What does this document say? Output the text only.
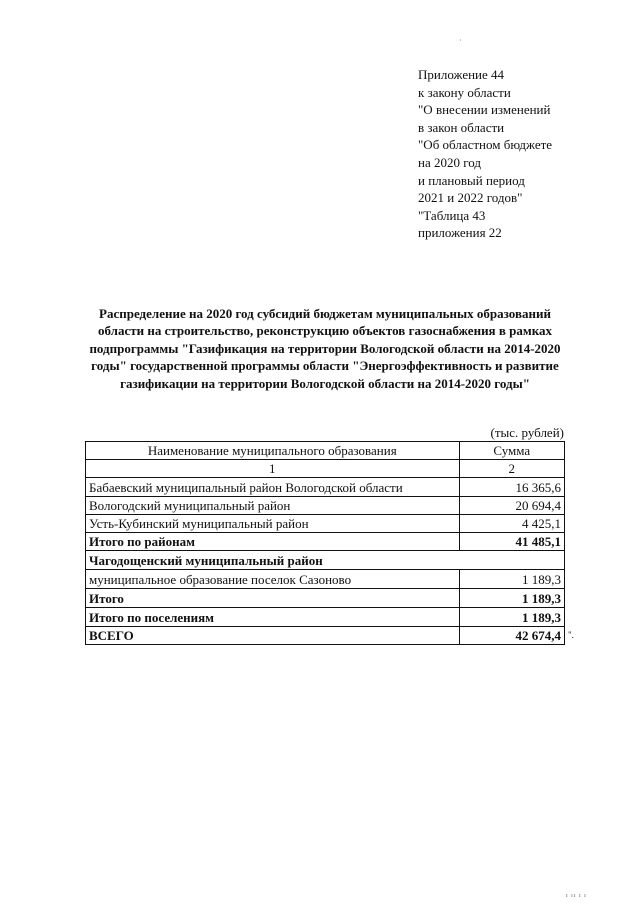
·
Приложение 44
к закону области
"О внесении изменений
в закон области
"Об областном бюджете
на 2020 год
и плановый период
2021 и 2022 годов"
"Таблица 43
приложения 22
Распределение на 2020 год субсидий бюджетам муниципальных образований области на строительство, реконструкцию объектов газоснабжения в рамках подпрограммы "Газификация на территории Вологодской области на 2014-2020 годы" государственной программы области "Энергоэффективность и развитие газификации на территории Вологодской области на 2014-2020 годы"
(тыс. рублей)
Наименование муниципального образования	Сумма
1	2
Бабаевский муниципальный район Вологодской области	16 365,6
Вологодский муниципальный район	20 694,4
Усть-Кубинский муниципальный район	4 425,1
Итого по районам	41 485,1
Чагодощенский муниципальный район	
муниципальное образование поселок Сазоново	1 189,3
Итого	1 189,3
Итого по поселениям	1 189,3
ВСЕГО	42 674,4 ".
ı ıı ı ı
